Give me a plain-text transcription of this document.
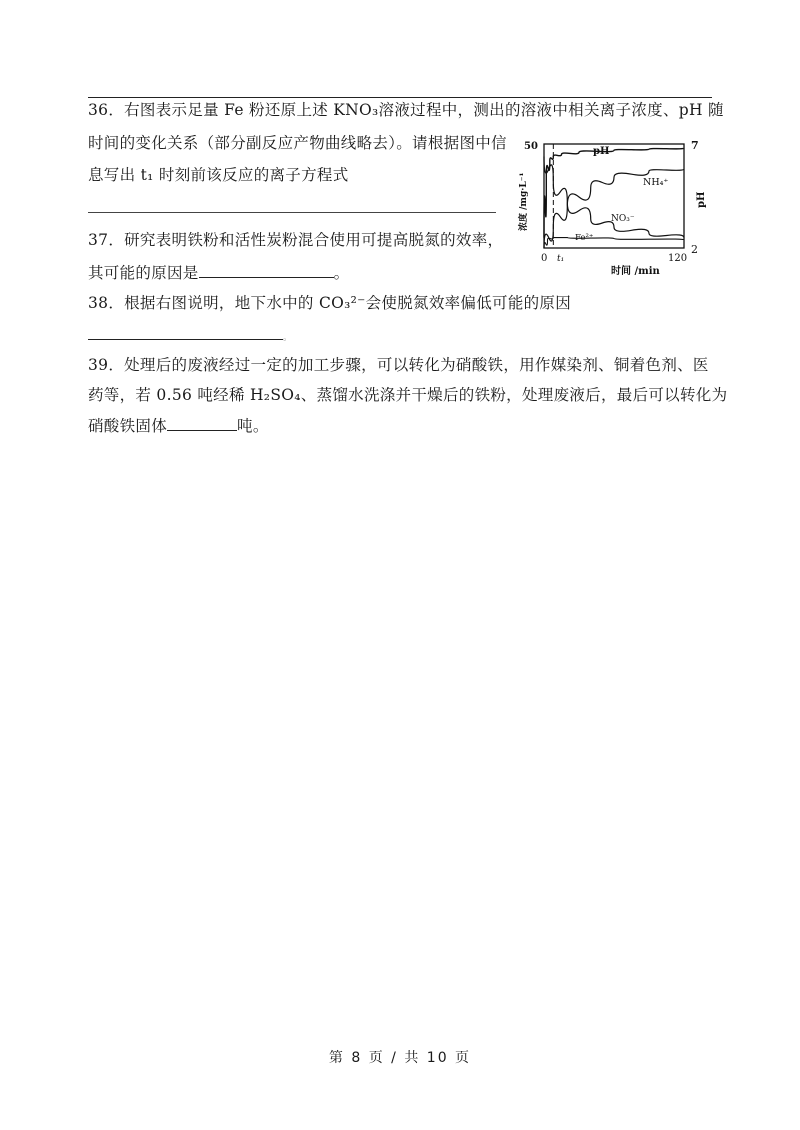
36．右图表示足量 Fe 粉还原上述 KNO₃溶液过程中，测出的溶液中相关离子浓度、pH 随
时间的变化关系（部分副反应产物曲线略去）。请根据图中信
息写出 t₁ 时刻前该反应的离子方程式
37．研究表明铁粉和活性炭粉混合使用可提高脱氮的效率，
其可能的原因是	。
38．根据右图说明，地下水中的 CO₃²⁻会使脱氮效率偏低可能的原因
。
39．处理后的废液经过一定的加工步骤，可以转化为硝酸铁，用作媒染剂、铜着色剂、医
药等，若 0.56 吨经稀 H₂SO₄、蒸馏水洗涤并干燥后的铁粉，处理废液后，最后可以转化为
硝酸铁固体	吨。
50	7
2
0 t₁	120
时间 /min
浓度 /mg·L⁻¹	pH
pH
NH₄⁺
NO₃⁻
Fe²⁺
第 8 页 / 共 10 页
